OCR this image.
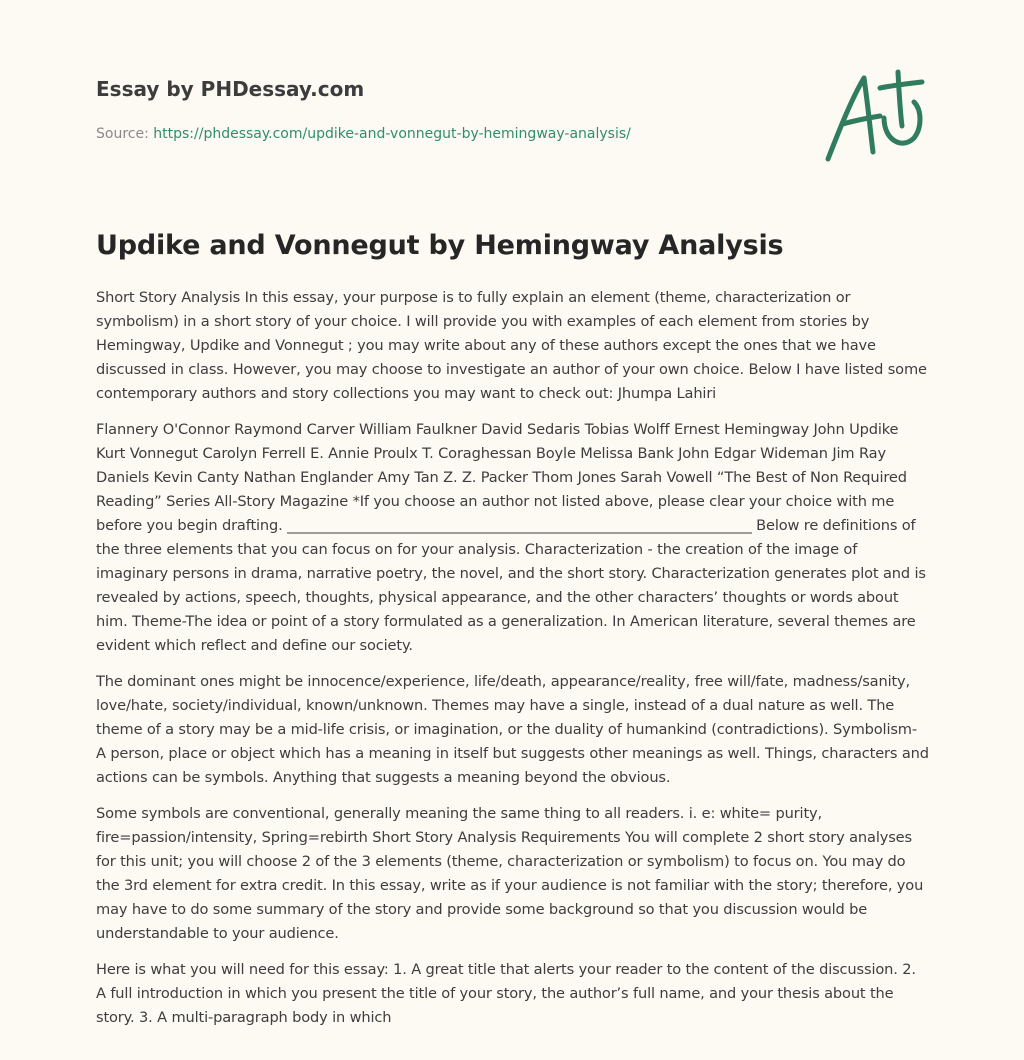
Essay by PHDessay.com
Source: https://phdessay.com/updike-and-vonnegut-by-hemingway-analysis/
Updike and Vonnegut by Hemingway Analysis

Short Story Analysis In this essay, your purpose is to fully explain an element (theme, characterization or symbolism) in a short story of your choice. I will provide you with examples of each element from stories by Hemingway, Updike and Vonnegut ; you may write about any of these authors except the ones that we have discussed in class. However, you may choose to investigate an author of your own choice. Below I have listed some contemporary authors and story collections you may want to check out: Jhumpa Lahiri

Flannery O'Connor Raymond Carver William Faulkner David Sedaris Tobias Wolff Ernest Hemingway John Updike Kurt Vonnegut Carolyn Ferrell E. Annie Proulx T. Coraghessan Boyle Melissa Bank John Edgar Wideman Jim Ray Daniels Kevin Canty Nathan Englander Amy Tan Z. Z. Packer Thom Jones Sarah Vowell “The Best of Non Required Reading” Series All-Story Magazine *If you choose an author not listed above, please clear your choice with me before you begin drafting. _________________________________________________________________ Below re definitions of the three elements that you can focus on for your analysis. Characterization - the creation of the image of imaginary persons in drama, narrative poetry, the novel, and the short story. Characterization generates plot and is revealed by actions, speech, thoughts, physical appearance, and the other characters’ thoughts or words about him. Theme-The idea or point of a story formulated as a generalization. In American literature, several themes are evident which reflect and define our society.

The dominant ones might be innocence/experience, life/death, appearance/reality, free will/fate, madness/sanity, love/hate, society/individual, known/unknown. Themes may have a single, instead of a dual nature as well. The theme of a story may be a mid-life crisis, or imagination, or the duality of humankind (contradictions). Symbolism- A person, place or object which has a meaning in itself but suggests other meanings as well. Things, characters and actions can be symbols. Anything that suggests a meaning beyond the obvious.

Some symbols are conventional, generally meaning the same thing to all readers. i. e: white= purity, fire=passion/intensity, Spring=rebirth Short Story Analysis Requirements You will complete 2 short story analyses for this unit; you will choose 2 of the 3 elements (theme, characterization or symbolism) to focus on. You may do the 3rd element for extra credit. In this essay, write as if your audience is not familiar with the story; therefore, you may have to do some summary of the story and provide some background so that you discussion would be understandable to your audience.

Here is what you will need for this essay: 1. A great title that alerts your reader to the content of the discussion. 2. A full introduction in which you present the title of your story, the author’s full name, and your thesis about the story. 3. A multi-paragraph body in which
